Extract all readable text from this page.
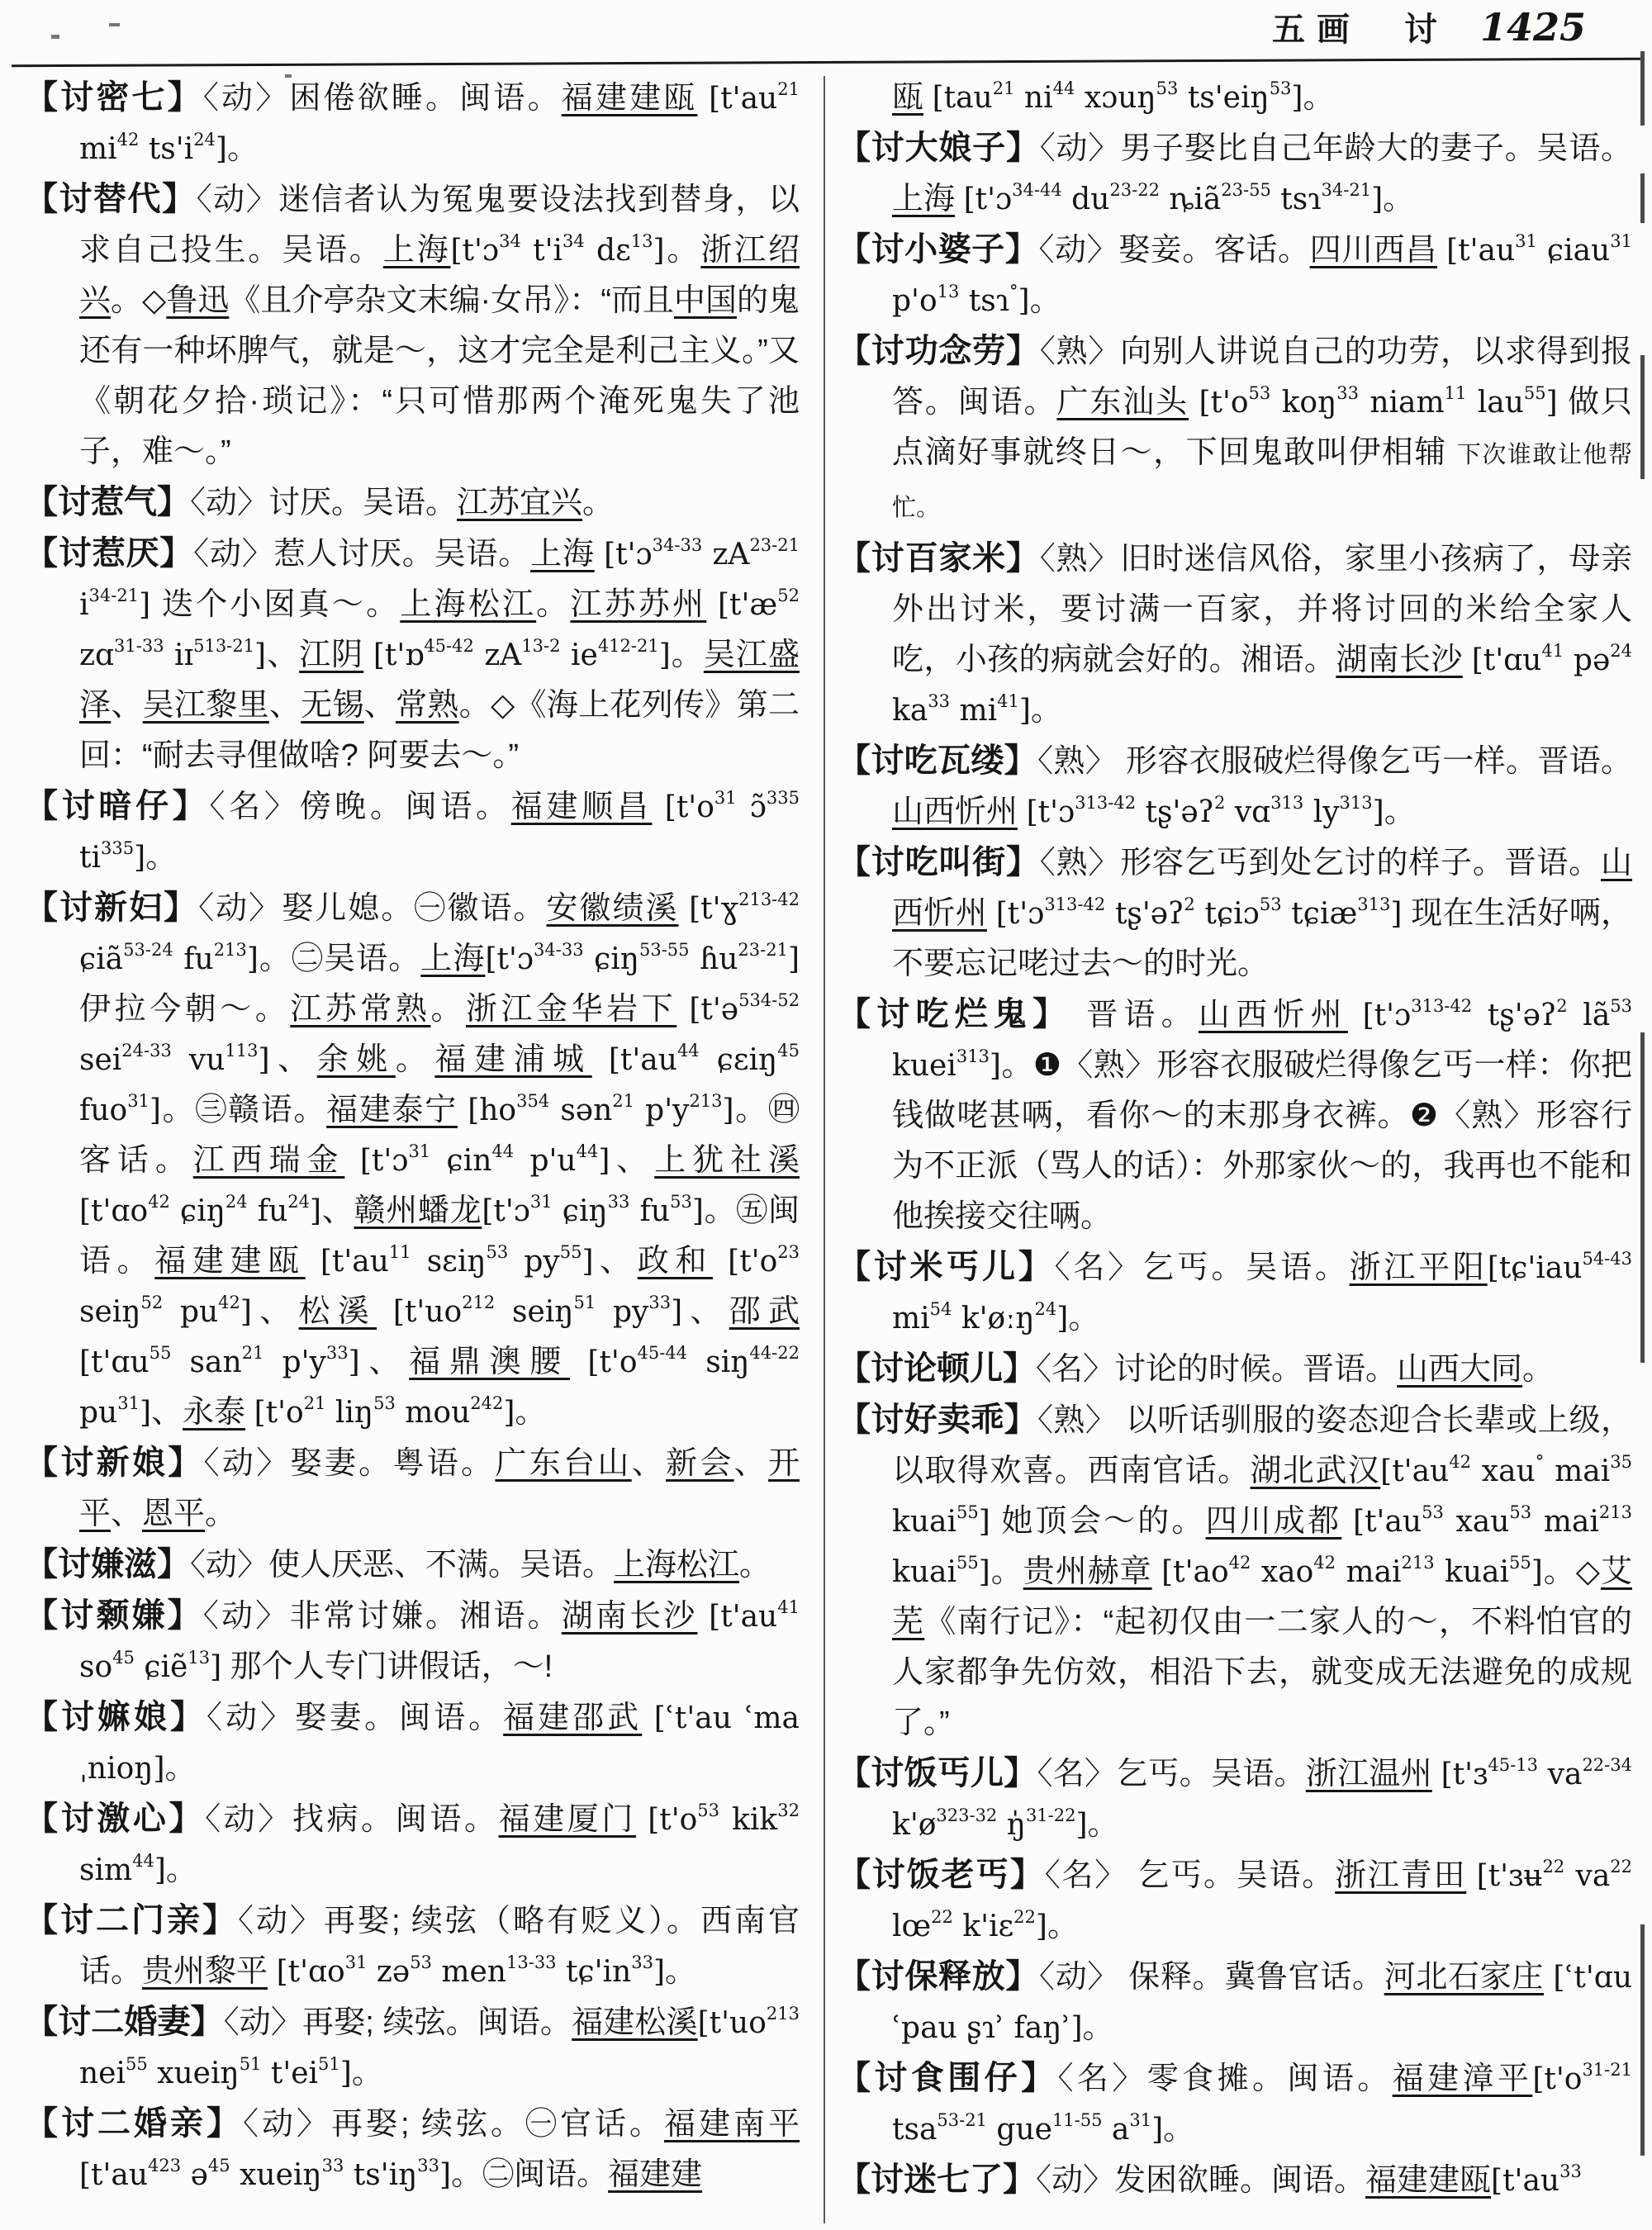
五画 讨 1425

【讨密七】〈动〉困倦欲睡。闽语。福建建瓯 [$t'au^{21}$ $mi^{42}$ $ts'i^{24}$]。

【讨替代】〈动〉迷信者认为冤鬼要设法找到替身，以求自己投生。吴语。上海[t'ɔ$^{34}$ $t'i^{34}$ dɛ$^{13}$]。浙江绍兴。◇鲁迅《且介亭杂文末编·女吊》：“而且中国的鬼还有一种坏脾气，就是～，这才完全是利己主义。”又《朝花夕拾·琐记》：“只可惜那两个淹死鬼失了池子，难～。”

【讨惹气】〈动〉讨厌。吴语。江苏宜兴。

【讨惹厌】〈动〉惹人讨厌。吴语。上海 [t'ɔ$^{34-33}$ $zA^{23-21}$ $i^{34-21}$] 迭个小囡真～。上海松江。江苏苏州 [$t'æ^{52}$ zɑ$^{31-33}$ iɪ$^{513-21}$]、江阴 [t'ɒ$^{45-42}$ $zA^{13-2}$ $ie^{412-21}$]。吴江盛泽、吴江黎里、无锡、常熟。◇《海上花列传》第二回：“耐去寻俚做啥? 阿要去～。”

【讨暗仔】〈名〉傍晚。闽语。福建顺昌 [$t'o^{31}$ ɔ̃$^{335}$ $ti^{335}$]。

【讨新妇】〈动〉娶儿媳。㊀徽语。安徽绩溪 [t'ɣ$^{213-42}$ ɕiã$^{53-24}$ $fu^{213}$]。㊁吴语。上海[t'ɔ$^{34-33}$ ɕiŋ$^{53-55}$ ɦu$^{23-21}$] 伊拉今朝～。江苏常熟。浙江金华岩下 [t'ə$^{534-52}$ sei$^{24-33}$ $vu^{113}$]、余姚。福建浦城 [$t'au^{44}$ ɕɛiŋ$^{45}$ fuo$^{31}$]。㊂赣语。福建泰宁 [$ho^{354}$ sən$^{21}$ $p'y^{213}$]。㊃客话。江西瑞金 [t'ɔ$^{31}$ ɕin$^{44}$ $p'u^{44}$]、上犹社溪 [t'ɑo$^{42}$ ɕiŋ$^{24}$ $fu^{24}$]、赣州蟠龙[t'ɔ$^{31}$ ɕiŋ$^{33}$ $fu^{53}$]。㊄闽语。福建建瓯 [$t'au^{11}$ sɛiŋ$^{53}$ $py^{55}$]、政和 [$t'o^{23}$ seiŋ$^{52}$ $pu^{42}$]、松溪 [$t'uo^{212}$ seiŋ$^{51}$ $py^{33}$]、邵武 [t'ɑu$^{55}$ san$^{21}$ $p'y^{33}$]、福鼎澳腰 [$t'o^{45-44}$ siŋ$^{44-22}$ $pu^{31}$]、永泰 [$t'o^{21}$ liŋ$^{53}$ mou$^{242}$]。

【讨新娘】〈动〉娶妻。粤语。广东台山、新会、开平、恩平。

【讨嫌滋】〈动〉使人厌恶、不满。吴语。上海松江。

【讨颡嫌】〈动〉非常讨嫌。湘语。湖南长沙 [$t'au^{41}$ $so^{45}$ ɕiẽ$^{13}$] 那个人专门讲假话，～!

【讨嫲娘】〈动〉娶妻。闽语。福建邵武 [ʿt'au ʿma ˌnioŋ]。

【讨激心】〈动〉找病。闽语。福建厦门 [$t'o^{53}$ kik$^{32}$ sim$^{44}$]。

【讨二门亲】〈动〉再娶; 续弦（略有贬义）。西南官话。贵州黎平 [t'ɑo$^{31}$ zə$^{53}$ men$^{13-33}$ $tɕ'in^{33}$]。

【讨二婚妻】〈动〉再娶; 续弦。闽语。福建松溪[$t'uo^{213}$ nei$^{55}$ xueiŋ$^{51}$ $t'ei^{51}$]。

【讨二婚亲】〈动〉再娶; 续弦。㊀官话。福建南平 [$t'au^{423}$ ə$^{45}$ xueiŋ$^{33}$ $ts'iŋ^{33}$]。㊁闽语。福建建

瓯 [tau$^{21}$ $ni^{44}$ xɔuŋ$^{53}$ ts'eiŋ$^{53}$]。

【讨大娘子】〈动〉男子娶比自己年龄大的妻子。吴语。上海 [t'ɔ$^{34-44}$ $du^{23-22}$ ȵiã$^{23-55}$ tsɿ$^{34-21}$]。

【讨小婆子】〈动〉娶妾。客话。四川西昌 [$t'au^{31}$ ɕiau$^{31}$ $p'o^{13}$ tsɿ°]。

【讨功念劳】〈熟〉向别人讲说自己的功劳，以求得到报答。闽语。广东汕头 [$t'o^{53}$ koŋ$^{33}$ niam$^{11}$ lau$^{55}$] 做只点滴好事就终日～，下回鬼敢叫伊相辅 下次谁敢让他帮忙。

【讨百家米】〈熟〉旧时迷信风俗，家里小孩病了，母亲外出讨米，要讨满一百家，并将讨回的米给全家人吃，小孩的病就会好的。湘语。湖南长沙 [t'ɑu$^{41}$ pə$^{24}$ $ka^{33}$ $mi^{41}$]。

【讨吃瓦缕】〈熟〉 形容衣服破烂得像乞丐一样。晋语。山西忻州 [t'ɔ$^{313-42}$ tʂ'əʔ$^2$ vɑ$^{313}$ $ly^{313}$]。

【讨吃叫街】〈熟〉形容乞丐到处乞讨的样子。晋语。山西忻州 [t'ɔ$^{313-42}$ tʂ'əʔ$^2$ tɕiɔ$^{53}$ tɕiæ$^{313}$] 现在生活好唡，不要忘记咾过去～的时光。

【讨吃烂鬼】 晋语。山西忻州 [t'ɔ$^{313-42}$ tʂ'əʔ$^2$ $lã^{53}$ kuei$^{313}$]。❶〈熟〉形容衣服破烂得像乞丐一样：你把钱做咾甚唡，看你～的末那身衣裤。❷〈熟〉形容行为不正派（骂人的话）：外那家伙～的，我再也不能和他挨接交往唡。

【讨米丐儿】〈名〉乞丐。吴语。浙江平阳[tɕ'iau$^{54-43}$ $mi^{54}$ k'øːŋ$^{24}$]。

【讨论顿儿】〈名〉讨论的时候。晋语。山西大同。

【讨好卖乖】〈熟〉 以听话驯服的姿态迎合长辈或上级，以取得欢喜。西南官话。湖北武汉[$t'au^{42}$ xau° mai$^{35}$ kuai$^{55}$] 她顶会～的。四川成都 [$t'au^{53}$ xau$^{53}$ mai$^{213}$ kuai$^{55}$]。贵州赫章 [$t'ao^{42}$ xao$^{42}$ mai$^{213}$ kuai$^{55}$]。◇艾芜《南行记》：“起初仅由一二家人的～，不料怕官的人家都争先仿效，相沿下去，就变成无法避免的成规了。”

【讨饭丐儿】〈名〉乞丐。吴语。浙江温州 [t'ɜ$^{45-13}$ $va^{22-34}$ $k'ø^{323-32}$ ŋ̍$^{31-22}$]。

【讨饭老丐】〈名〉 乞丐。吴语。浙江青田 [t'ɜʉ$^{22}$ $va^{22}$ $lœ^{22}$ k'iɛ$^{22}$]。

【讨保释放】〈动〉 保释。冀鲁官话。河北石家庄 [ʿt'ɑu ʿpau ʂɿʾ faŋʾ]。

【讨食围仔】〈名〉零食摊。闽语。福建漳平[$t'o^{31-21}$ tsa$^{53-21}$ gue$^{11-55}$ $a^{31}$]。

【讨迷七了】〈动〉发困欲睡。闽语。福建建瓯[$t'au^{33}$
